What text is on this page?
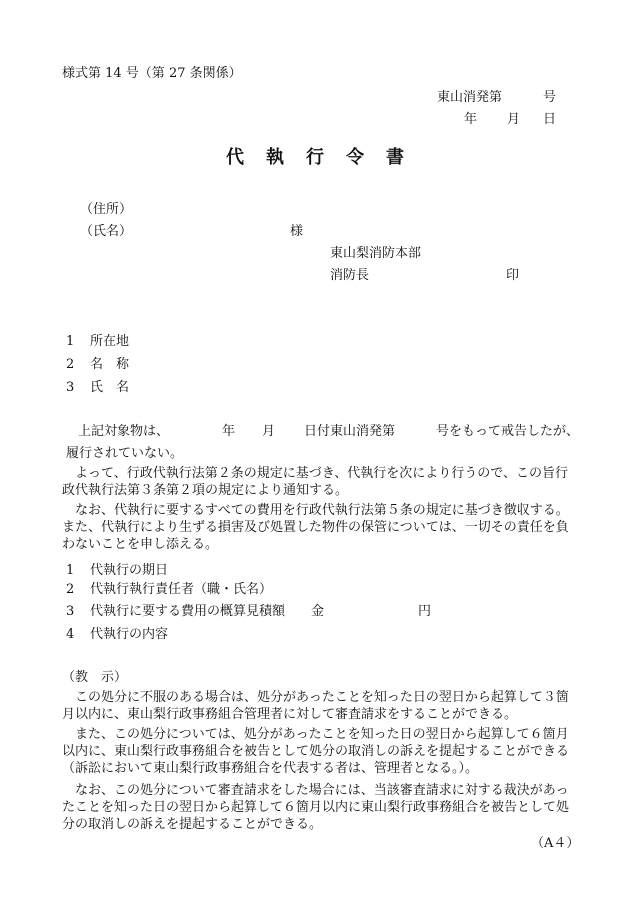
様式第 14 号（第 27 条関係）
東山消発第	号
年 月 日
代執行令書
（住所）
（氏名）	様
東山梨消防本部
消防長	印
1 所在地
2 名　称
3 氏　名
上記対象物は、	年 月 日付東山消発第	号をもって戒告したが、
履行されていない。
よって、行政代執行法第２条の規定に基づき、代執行を次により行うので、この旨行政代執行法第３条第２項の規定により通知する。
なお、代執行に要するすべての費用を行政代執行法第５条の規定に基づき徴収する。また、代執行により生ずる損害及び処置した物件の保管については、一切その責任を負わないことを申し添える。
1 代執行の期日
2 代執行執行責任者（職・氏名）
3 代執行に要する費用の概算見積額 金	円
4 代執行の内容
（教　示）
この処分に不服のある場合は、処分があったことを知った日の翌日から起算して３箇月以内に、東山梨行政事務組合管理者に対して審査請求をすることができる。
また、この処分については、処分があったことを知った日の翌日から起算して６箇月以内に、東山梨行政事務組合を被告として処分の取消しの訴えを提起することができる（訴訟において東山梨行政事務組合を代表する者は、管理者となる。）。
なお、この処分について審査請求をした場合には、当該審査請求に対する裁決があったことを知った日の翌日から起算して６箇月以内に東山梨行政事務組合を被告として処分の取消しの訴えを提起することができる。
（A４）
